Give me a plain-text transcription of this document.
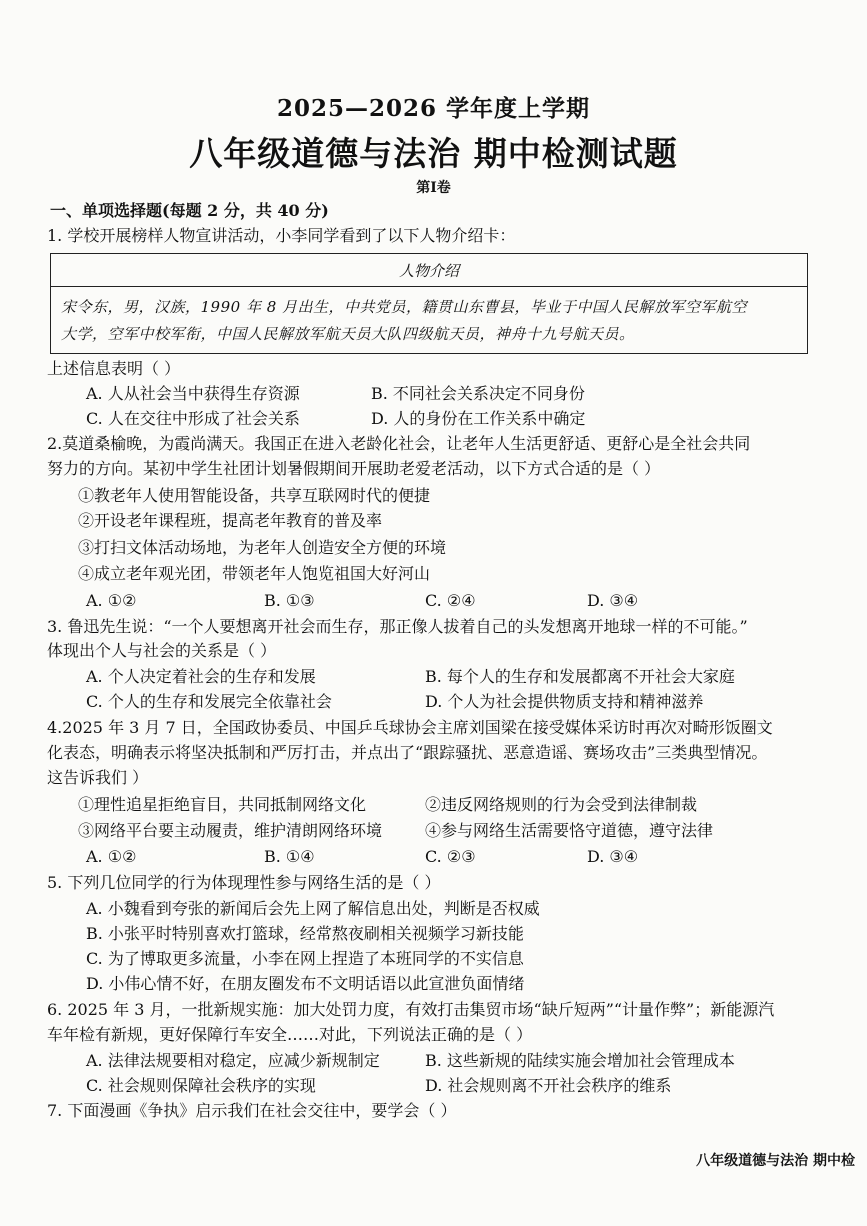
2025—2026 学年度上学期
八年级道德与法治 期中检测试题
第Ⅰ卷
一、单项选择题(每题 2 分，共 40 分)
1. 学校开展榜样人物宣讲活动，小李同学看到了以下人物介绍卡：
人物介绍
宋令东，男，汉族，1990 年 8 月出生，中共党员，籍贯山东曹县，毕业于中国人民解放军空军航空
大学，空军中校军衔，中国人民解放军航天员大队四级航天员，神舟十九号航天员。
上述信息表明（ ）
A. 人从社会当中获得生存资源	B. 不同社会关系决定不同身份
C. 人在交往中形成了社会关系	D. 人的身份在工作关系中确定
2.莫道桑榆晚，为霞尚满天。我国正在进入老龄化社会，让老年人生活更舒适、更舒心是全社会共同
努力的方向。某初中学生社团计划暑假期间开展助老爱老活动，以下方式合适的是（ ）
①教老年人使用智能设备，共享互联网时代的便捷
②开设老年课程班，提高老年教育的普及率
③打扫文体活动场地，为老年人创造安全方便的环境
④成立老年观光团，带领老年人饱览祖国大好河山
A. ①②	B. ①③	C. ②④	D. ③④
3. 鲁迅先生说：“一个人要想离开社会而生存，那正像人拔着自己的头发想离开地球一样的不可能。”
体现出个人与社会的关系是（ ）
A. 个人决定着社会的生存和发展	B. 每个人的生存和发展都离不开社会大家庭
C. 个人的生存和发展完全依靠社会	D. 个人为社会提供物质支持和精神滋养
4.2025 年 3 月 7 日，全国政协委员、中国乒乓球协会主席刘国梁在接受媒体采访时再次对畸形饭圈文
化表态，明确表示将坚决抵制和严厉打击，并点出了“跟踪骚扰、恶意造谣、赛场攻击”三类典型情况。
这告诉我们 ）
①理性追星拒绝盲目，共同抵制网络文化	②违反网络规则的行为会受到法律制裁
③网络平台要主动履责，维护清朗网络环境	④参与网络生活需要恪守道德，遵守法律
A. ①②	B. ①④	C. ②③	D. ③④
5. 下列几位同学的行为体现理性参与网络生活的是（ ）
A. 小魏看到夸张的新闻后会先上网了解信息出处，判断是否权威
B. 小张平时特别喜欢打篮球，经常熬夜刷相关视频学习新技能
C. 为了博取更多流量，小李在网上捏造了本班同学的不实信息
D. 小伟心情不好，在朋友圈发布不文明话语以此宣泄负面情绪
6. 2025 年 3 月，一批新规实施：加大处罚力度，有效打击集贸市场“缺斤短两”“计量作弊”；新能源汽
车年检有新规，更好保障行车安全……对此，下列说法正确的是（ ）
A. 法律法规要相对稳定，应减少新规制定	B. 这些新规的陆续实施会增加社会管理成本
C. 社会规则保障社会秩序的实现	D. 社会规则离不开社会秩序的维系
7. 下面漫画《争执》启示我们在社会交往中，要学会（ ）
八年级道德与法治 期中检
